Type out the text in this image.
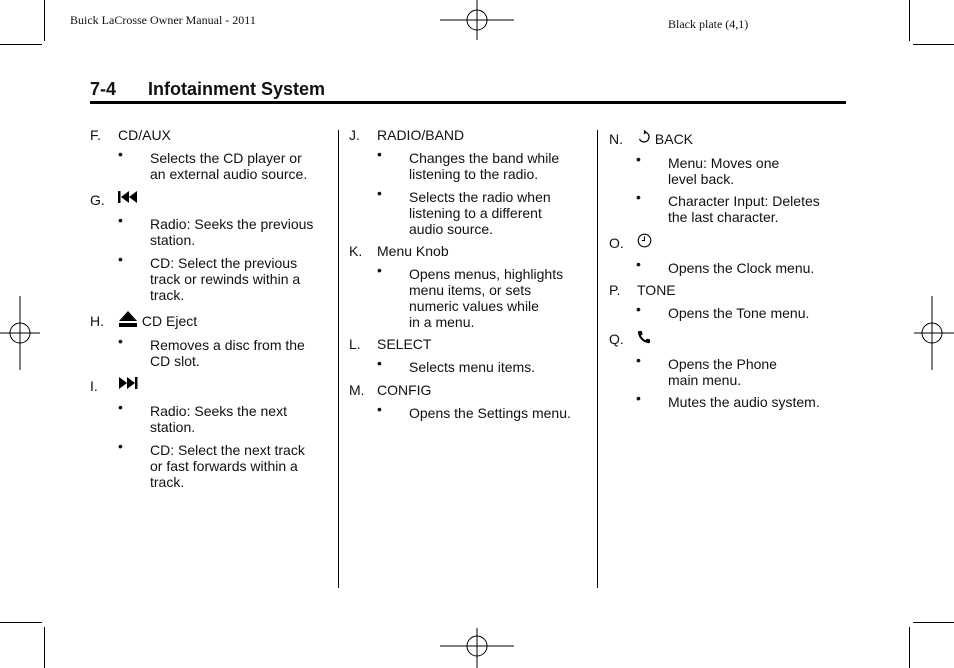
Buick LaCrosse Owner Manual - 2011	Black plate (4,1)
7-4 Infotainment System
F. CD/AUX
• Selects the CD player or
an external audio source.
G.
• Radio: Seeks the previous
station.
• CD: Select the previous
track or rewinds within a
track.
H.	CD Eject
• Removes a disc from the
CD slot.
I.
• Radio: Seeks the next
station.
• CD: Select the next track
or fast forwards within a
track.
J. RADIO/BAND
• Changes the band while
listening to the radio.
• Selects the radio when
listening to a different
audio source.
K. Menu Knob
• Opens menus, highlights
menu items, or sets
numeric values while
in a menu.
L. SELECT
• Selects menu items.
M. CONFIG
• Opens the Settings menu.
N. BACK
• Menu: Moves one
level back.
• Character Input: Deletes
the last character.
O.
• Opens the Clock menu.
P. TONE
• Opens the Tone menu.
Q.
• Opens the Phone
main menu.
• Mutes the audio system.
